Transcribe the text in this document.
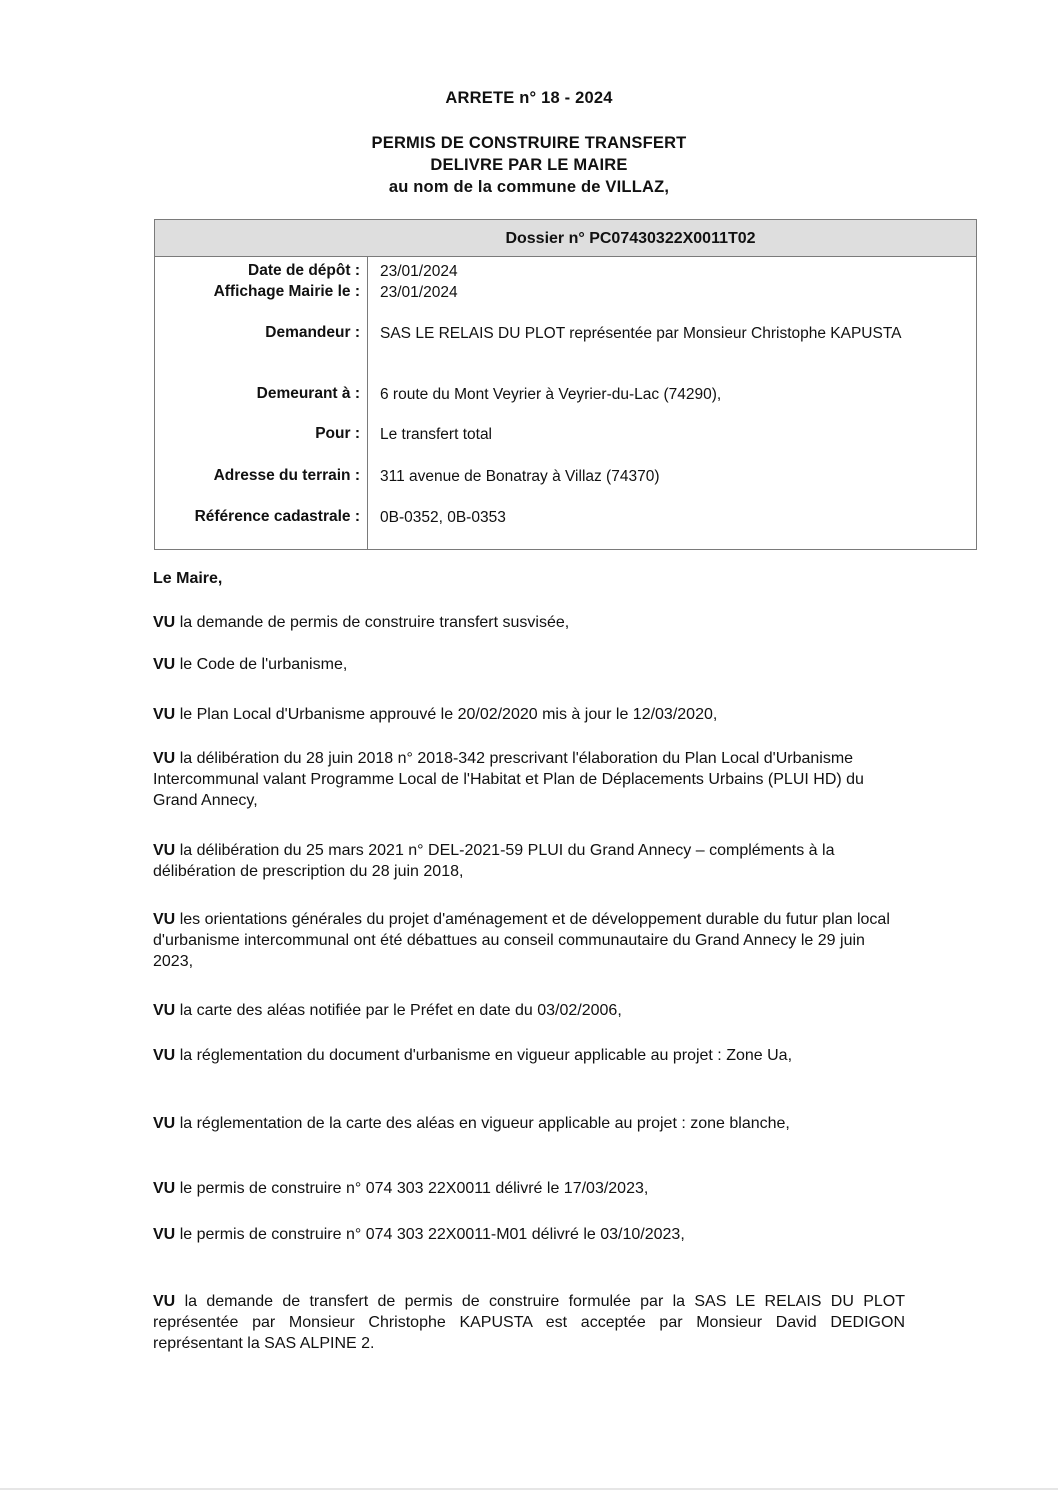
ARRETE n° 18 - 2024
PERMIS DE CONSTRUIRE TRANSFERT
DELIVRE PAR LE MAIRE
au nom de la commune de VILLAZ,
Dossier n° PC07430322X0011T02
Date de dépôt : 23/01/2024
Affichage Mairie le : 23/01/2024
Demandeur : SAS LE RELAIS DU PLOT représentée par Monsieur Christophe KAPUSTA
Demeurant à : 6 route du Mont Veyrier à Veyrier-du-Lac (74290),
Pour : Le transfert total
Adresse du terrain : 311 avenue de Bonatray à Villaz (74370)
Référence cadastrale : 0B-0352, 0B-0353
Le Maire,
VU la demande de permis de construire transfert susvisée,
VU le Code de l'urbanisme,
VU le Plan Local d'Urbanisme approuvé le 20/02/2020 mis à jour le 12/03/2020,
VU la délibération du 28 juin 2018 n° 2018-342 prescrivant l'élaboration du Plan Local d'Urbanisme Intercommunal valant Programme Local de l'Habitat et Plan de Déplacements Urbains (PLUI HD) du Grand Annecy,
VU la délibération du 25 mars 2021 n° DEL-2021-59 PLUI du Grand Annecy – compléments à la délibération de prescription du 28 juin 2018,
VU les orientations générales du projet d'aménagement et de développement durable du futur plan local d'urbanisme intercommunal ont été débattues au conseil communautaire du Grand Annecy le 29 juin 2023,
VU la carte des aléas notifiée par le Préfet en date du 03/02/2006,
VU la réglementation du document d'urbanisme en vigueur applicable au projet : Zone Ua,
VU la réglementation de la carte des aléas en vigueur applicable au projet : zone blanche,
VU le permis de construire n° 074 303 22X0011 délivré le 17/03/2023,
VU le permis de construire n° 074 303 22X0011-M01 délivré le 03/10/2023,
VU la demande de transfert de permis de construire formulée par la SAS LE RELAIS DU PLOT représentée par Monsieur Christophe KAPUSTA est acceptée par Monsieur David DEDIGON représentant la SAS ALPINE 2.
